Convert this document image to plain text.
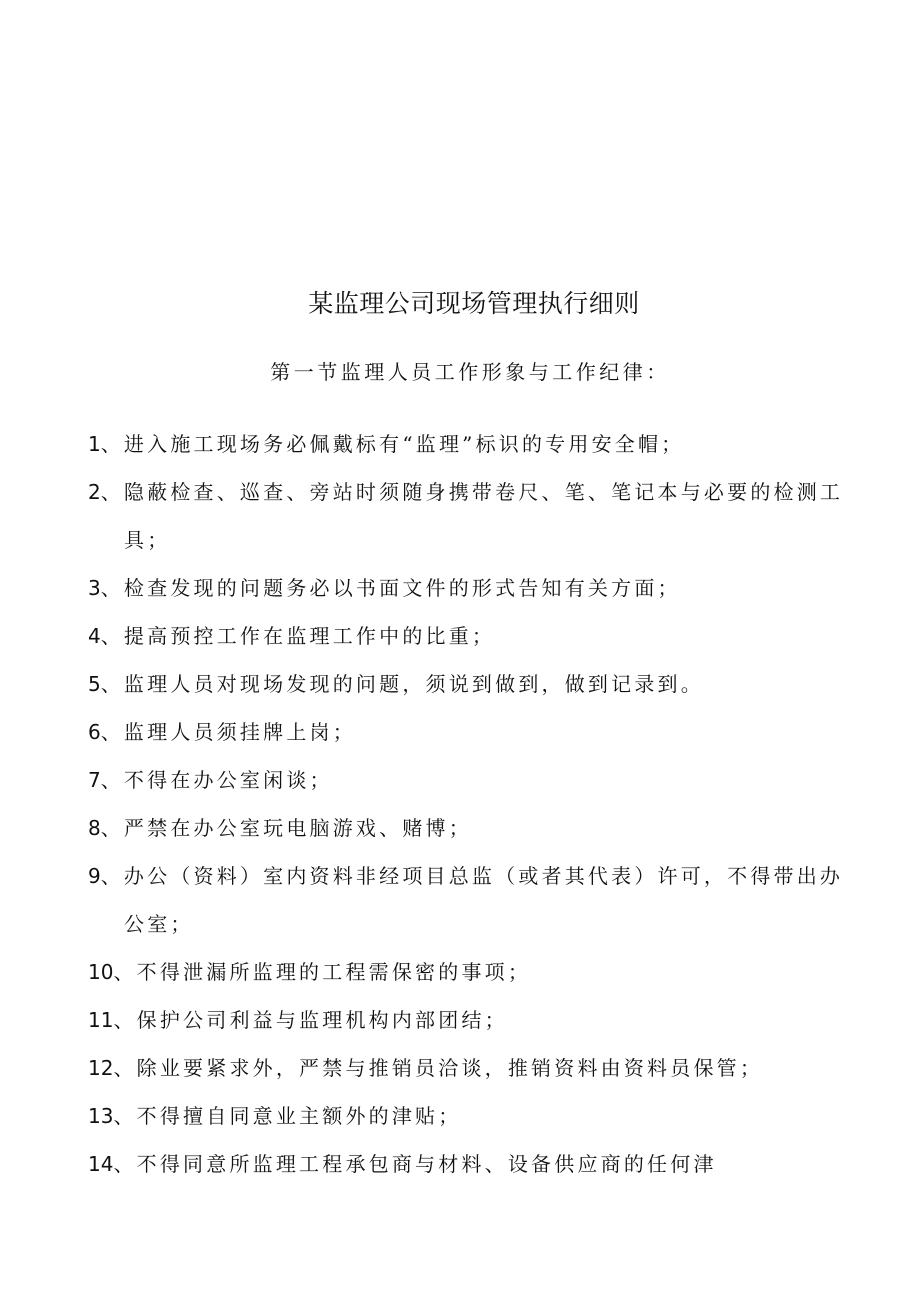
某监理公司现场管理执行细则
第一节监理人员工作形象与工作纪律：
1、进入施工现场务必佩戴标有“监理”标识的专用安全帽；
2、隐蔽检查、巡查、旁站时须随身携带卷尺、笔、笔记本与必要的检测工
具；
3、检查发现的问题务必以书面文件的形式告知有关方面；
4、提高预控工作在监理工作中的比重；
5、监理人员对现场发现的问题，须说到做到，做到记录到。
6、监理人员须挂牌上岗；
7、不得在办公室闲谈；
8、严禁在办公室玩电脑游戏、赌博；
9、办公（资料）室内资料非经项目总监（或者其代表）许可，不得带出办
公室；
10、不得泄漏所监理的工程需保密的事项；
11、保护公司利益与监理机构内部团结；
12、除业要紧求外，严禁与推销员洽谈，推销资料由资料员保管；
13、不得擅自同意业主额外的津贴；
14、不得同意所监理工程承包商与材料、设备供应商的任何津
